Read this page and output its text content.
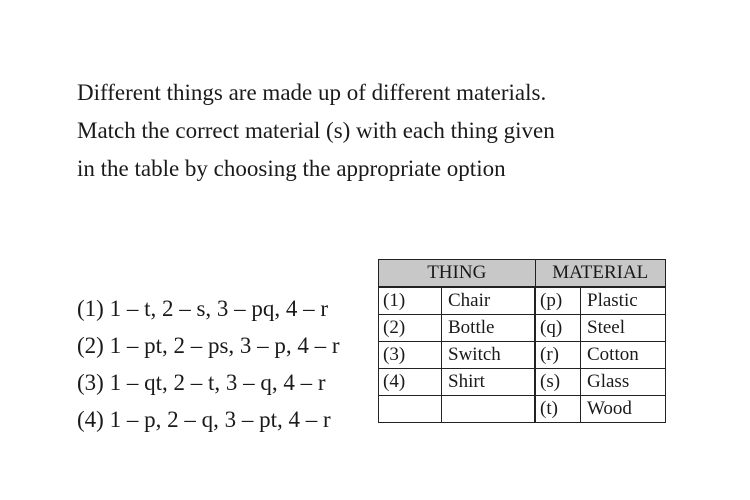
Different things are made up of different materials.
Match the correct material (s) with each thing given
in the table by choosing the appropriate option
(1) 1 – t, 2 – s, 3 – pq, 4 – r
(2) 1 – pt, 2 – ps, 3 – p, 4 – r
(3) 1 – qt, 2 – t, 3 – q, 4 – r
(4) 1 – p, 2 – q, 3 – pt, 4 – r
THING		MATERIAL	
(1)	Chair	(p)	Plastic
(2)	Bottle	(q)	Steel
(3)	Switch	(r)	Cotton
(4)	Shirt	(s)	Glass
		(t)	Wood
